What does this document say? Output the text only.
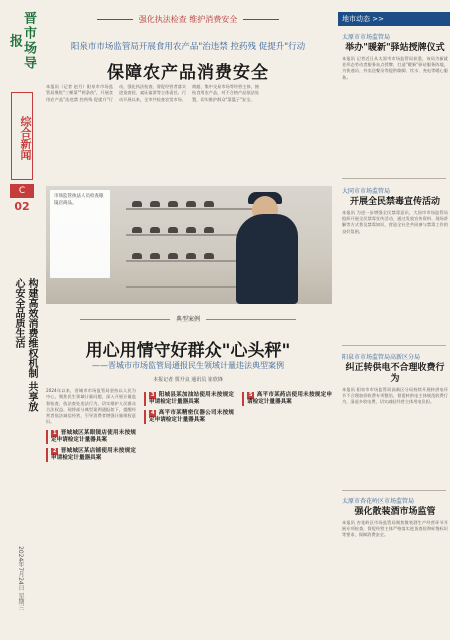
晋市场导报
综合新闻
C
02
构建高效消费维权机制 共享放心安全品质生活
2024年7月24日 星期三
强化执法检查 维护消费安全
阳泉市市场监管局开展食用农产品"治违禁 控药残 促提升"行动
保障农产品消费安全
本报讯（记者 赵月）阳泉市市场监管局聚焦"三棵菜""两条鱼"，开展食用农产品"治违禁 控药残 促提升"行动，强化执法检查，督促经营者落实进货查验、索证索票等主体责任。行动开展以来，全市共检查农贸市场、商超、集中交易市场等经营主体，抽检食用农产品，对不合格产品依法处置，切实维护群众"菜篮子"安全。
市场监管执法人员检查眼镜店商品。
典型案例
用心用情守好群众"心头秤"
——晋城市市场监管局通报民生领域计量违法典型案例
本报记者 贾升良 通讯员 崔欣锋
2024年以来，晋城市市场监管局坚持以人民为中心，聚焦民生领域计量问题，深入开展计量监督检查，依法查处违法行为，切实维护人民群众合法权益。现将部分典型案例通报如下，提醒经营者依法诚信经营，引导消费者增强计量维权意识。
1 晋城城区某眼镜店使用未按规定申请检定计量器具案
2 晋城城区某店铺使用未按规定申请检定计量器具案
3 阳城县某加油站使用未按规定申请检定计量器具案
4 高平市某精密仪器公司未按规定申请检定计量器具案
5 高平市某药店使用未按规定申请检定计量器具案
地市动态 >>
太原市市场监管局
举办"暖新"驿站授牌仪式
本报讯 记者近日从太原市市场监管局获悉，该局为新就业形态劳动者服务站点授牌，打造"暖新"驿站服务阵地，为快递员、外卖送餐员等提供歇脚、饮水、充电等暖心服务。
大同市市场监管局
开展全民禁毒宣传活动
本报讯 为进一步增强全民禁毒意识，大同市市场监管局组织开展全民禁毒宣传活动，通过发放宣传资料、现场讲解等方式普及禁毒知识，营造全社会共同参与禁毒工作的良好氛围。
阳泉市市场监管局高新区分局
纠正转供电不合理收费行为
本报讯 阳泉市市场监管局高新区分局持续开展转供电环节不合理加价收费专项整治，督促转供电主体规范收费行为，清退多收电费，切实减轻经营主体用电负担。
太原市杏花岭区市场监管局
强化散装酒市场监管
本报讯 杏花岭区市场监管局聚焦散装酒生产经营环节开展专项检查，督促经营主体严格落实进货查验和标签标识等要求，保障消费安全。
